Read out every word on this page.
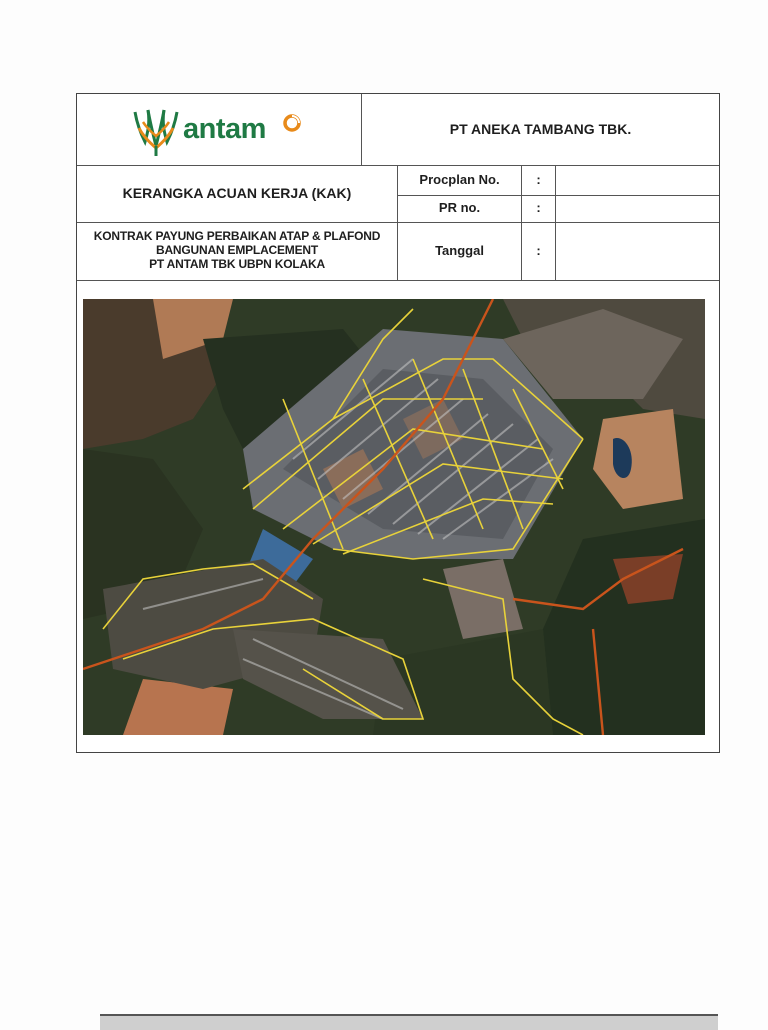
antam	PT ANEKA TAMBANG TBK.
KERANGKA ACUAN KERJA (KAK)
Procplan No.	:
PR no.	:
KONTRAK PAYUNG PERBAIKAN ATAP & PLAFOND
BANGUNAN EMPLACEMENT
PT ANTAM TBK UBPN KOLAKA
Tanggal	:
